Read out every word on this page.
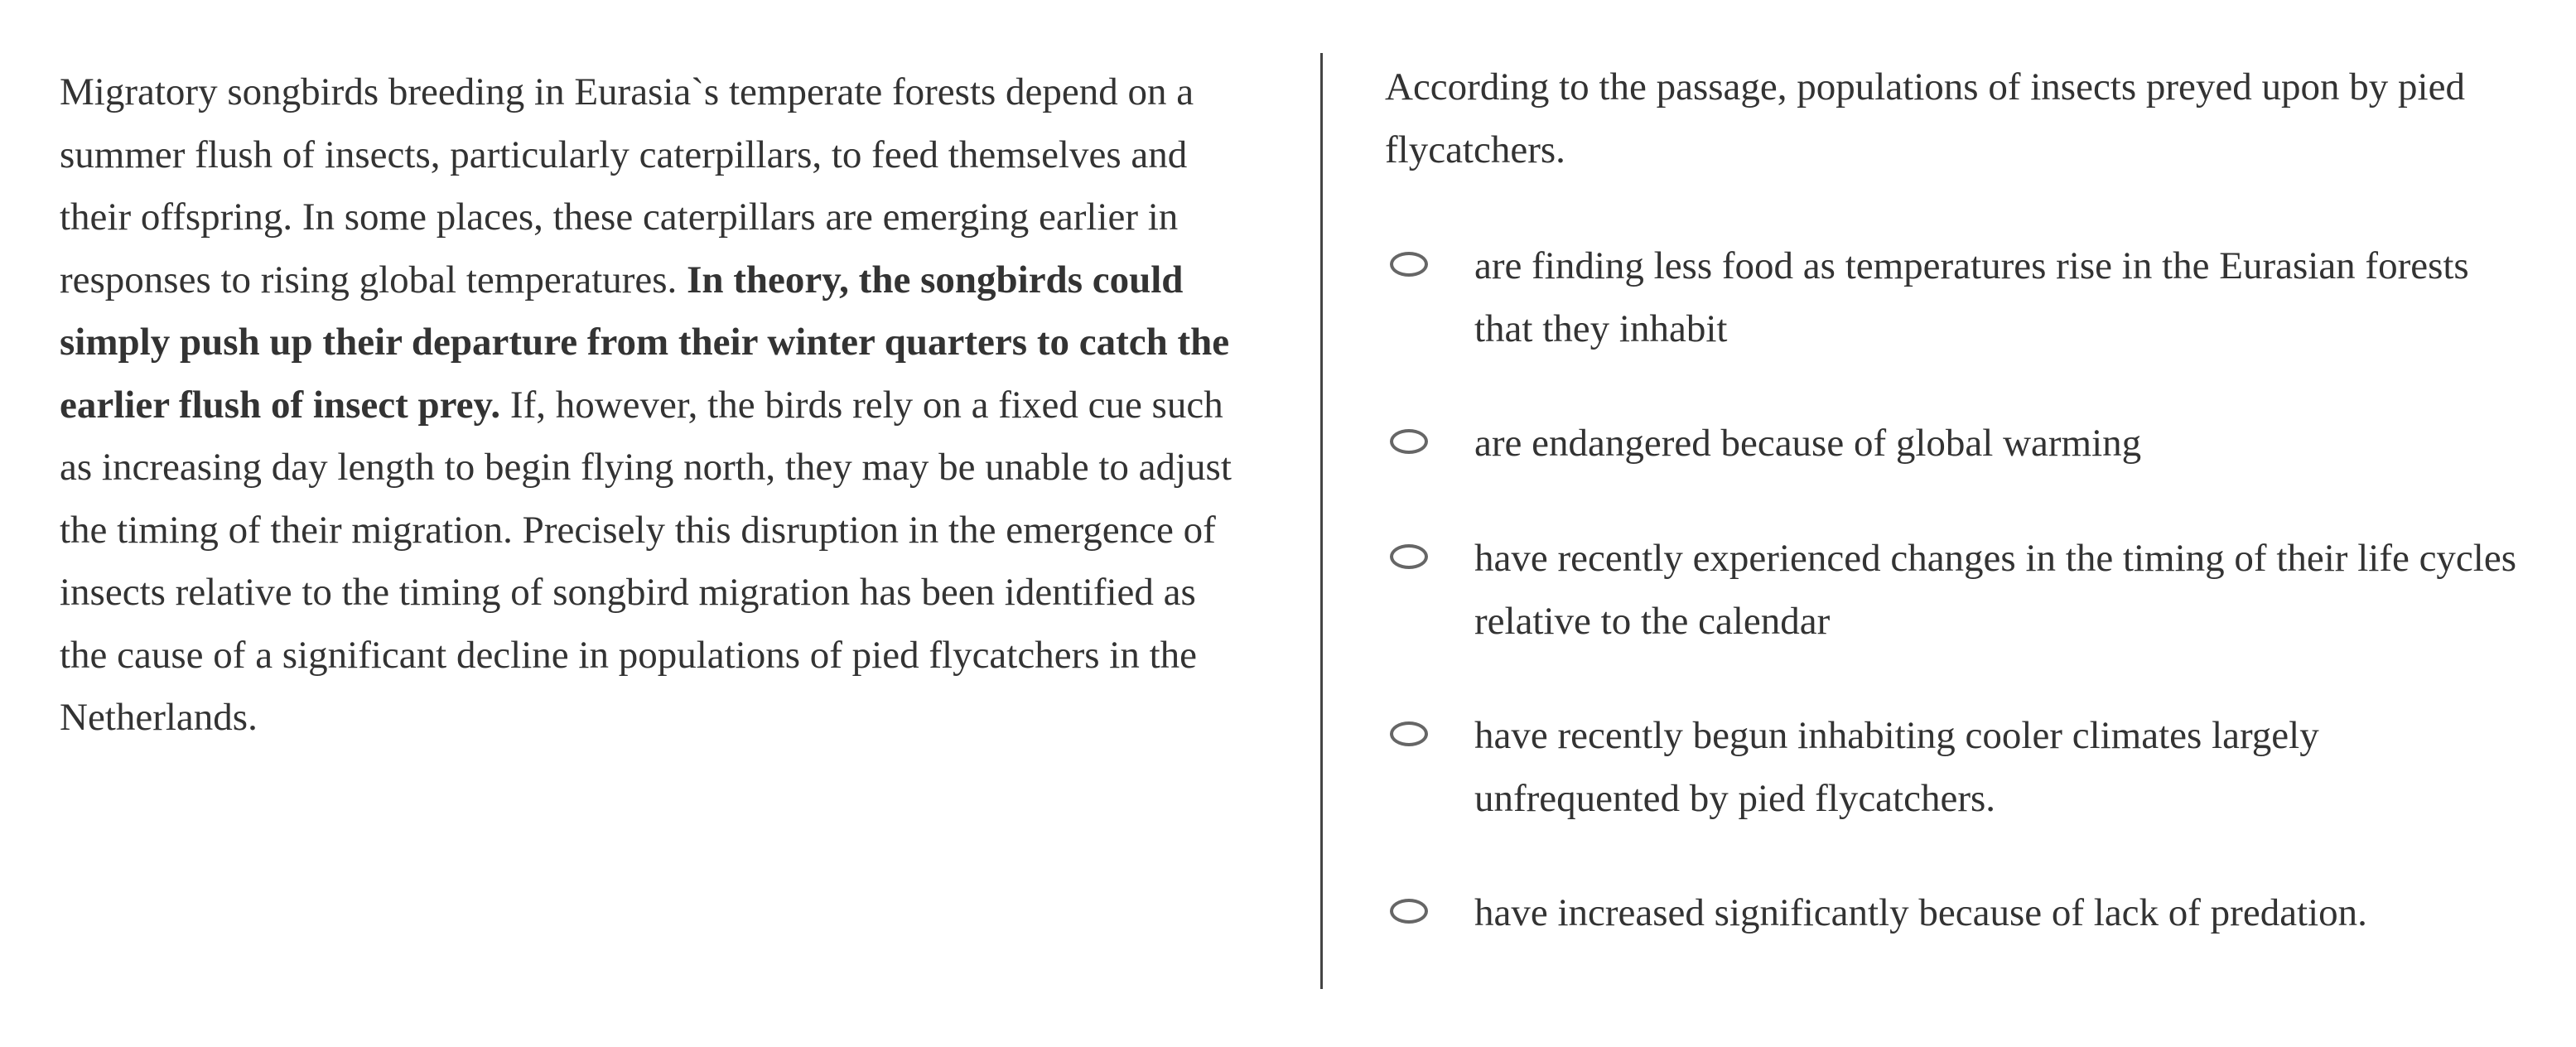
Migratory songbirds breeding in Eurasia`s temperate forests depend on a summer flush of insects, particularly caterpillars, to feed themselves and their offspring. In some places, these caterpillars are emerging earlier in responses to rising global temperatures. In theory, the songbirds could simply push up their departure from their winter quarters to catch the earlier flush of insect prey. If, however, the birds rely on a fixed cue such as increasing day length to begin flying north, they may be unable to adjust the timing of their migration. Precisely this disruption in the emergence of insects relative to the timing of songbird migration has been identified as the cause of a significant decline in populations of pied flycatchers in the Netherlands.

According to the passage, populations of insects preyed upon by pied flycatchers.

are finding less food as temperatures rise in the Eurasian forests that they inhabit
are endangered because of global warming
have recently experienced changes in the timing of their life cycles relative to the calendar
have recently begun inhabiting cooler climates largely unfrequented by pied flycatchers.
have increased significantly because of lack of predation.
